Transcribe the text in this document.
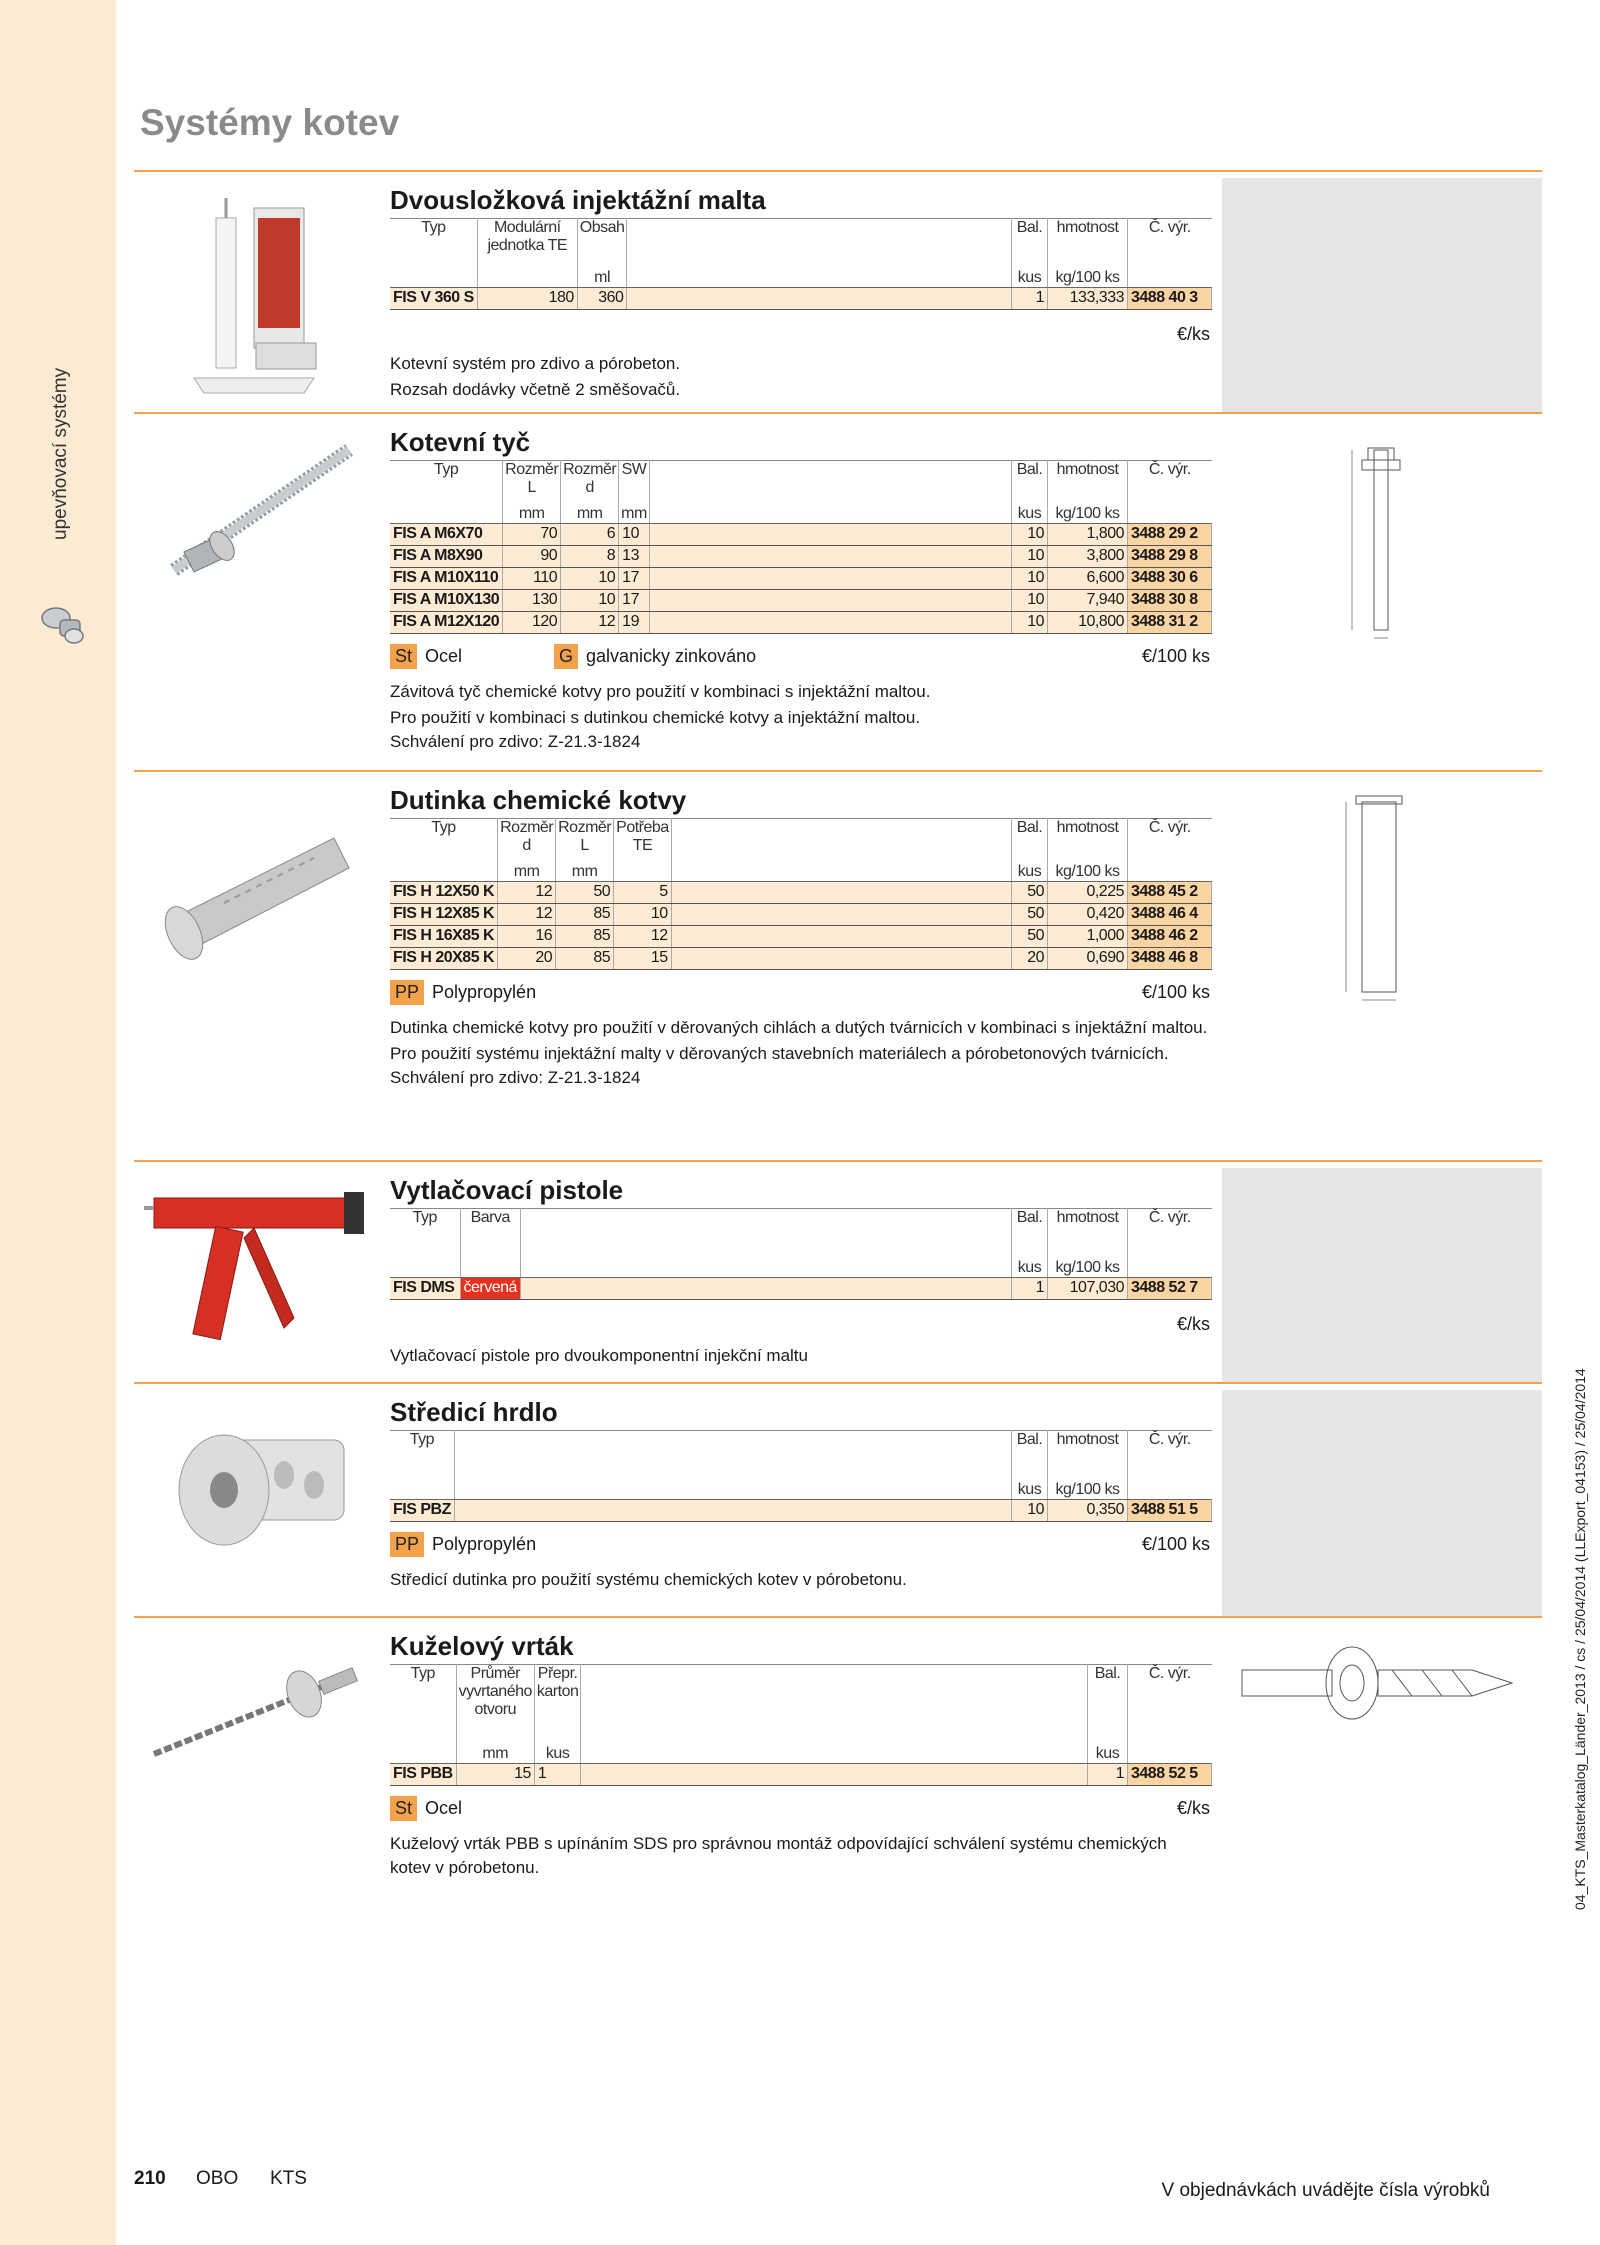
upevňovací systémy
Systémy kotev
04_KTS_Masterkatalog_Länder_2013 / cs / 25/04/2014 (LLExport_04153) / 25/04/2014
Dvousložková injektážní malta
Typ	Modulární jednotka TE	Obsah		Bal.	hmotnost	Č. výr.
		ml		kus	kg/100 ks	
FIS V 360 S	180	360		1	133,333	3488 40 3
€/ks

Kotevní systém pro zdivo a pórobeton.

Rozsah dodávky včetně 2 směšovačů.

Kotevní tyč
Typ	Rozměr L	Rozměr d	SW		Bal.	hmotnost	Č. výr.
	mm	mm	mm		kus	kg/100 ks	
FIS A M6X70	70	6	10		10	1,800	3488 29 2
FIS A M8X90	90	8	13		10	3,800	3488 29 8
FIS A M10X110	110	10	17		10	6,600	3488 30 6
FIS A M10X130	130	10	17		10	7,940	3488 30 8
FIS A M12X120	120	12	19		10	10,800	3488 31 2
St Ocel	G galvanicky zinkováno	€/100 ks

Závitová tyč chemické kotvy pro použití v kombinaci s injektážní maltou.

Pro použití v kombinaci s dutinkou chemické kotvy a injektážní maltou.

Schválení pro zdivo: Z-21.3-1824

Dutinka chemické kotvy
Typ	Rozměr d	Rozměr L	Potřeba TE		Bal.	hmotnost	Č. výr.
	mm	mm			kus	kg/100 ks	
FIS H 12X50 K	12	50	5		50	0,225	3488 45 2
FIS H 12X85 K	12	85	10		50	0,420	3488 46 4
FIS H 16X85 K	16	85	12		50	1,000	3488 46 2
FIS H 20X85 K	20	85	15		20	0,690	3488 46 8
PP Polypropylén	€/100 ks

Dutinka chemické kotvy pro použití v děrovaných cihlách a dutých tvárnicích v kombinaci s injektážní maltou.

Pro použití systému injektážní malty v děrovaných stavebních materiálech a pórobetonových tvárnicích.

Schválení pro zdivo: Z-21.3-1824

Vytlačovací pistole
Typ	Barva		Bal.	hmotnost	Č. výr.
			kus	kg/100 ks	
FIS DMS	červená		1	107,030	3488 52 7
€/ks

Vytlačovací pistole pro dvoukomponentní injekční maltu

Středicí hrdlo
Typ		Bal.	hmotnost	Č. výr.
		kus	kg/100 ks	
FIS PBZ		10	0,350	3488 51 5
PP Polypropylén	€/100 ks

Středicí dutinka pro použití systému chemických kotev v pórobetonu.

Kuželový vrták
Typ	Průměr vyvrtaného otvoru	Přepr. karton		Bal.	Č. výr.
	mm	kus		kus	
FIS PBB	15	1		1	3488 52 5
St Ocel	€/ks

Kuželový vrták PBB s upínáním SDS pro správnou montáž odpovídající schválení systému chemických kotev v pórobetonu.

210 OBO KTS
V objednávkách uvádějte čísla výrobků
